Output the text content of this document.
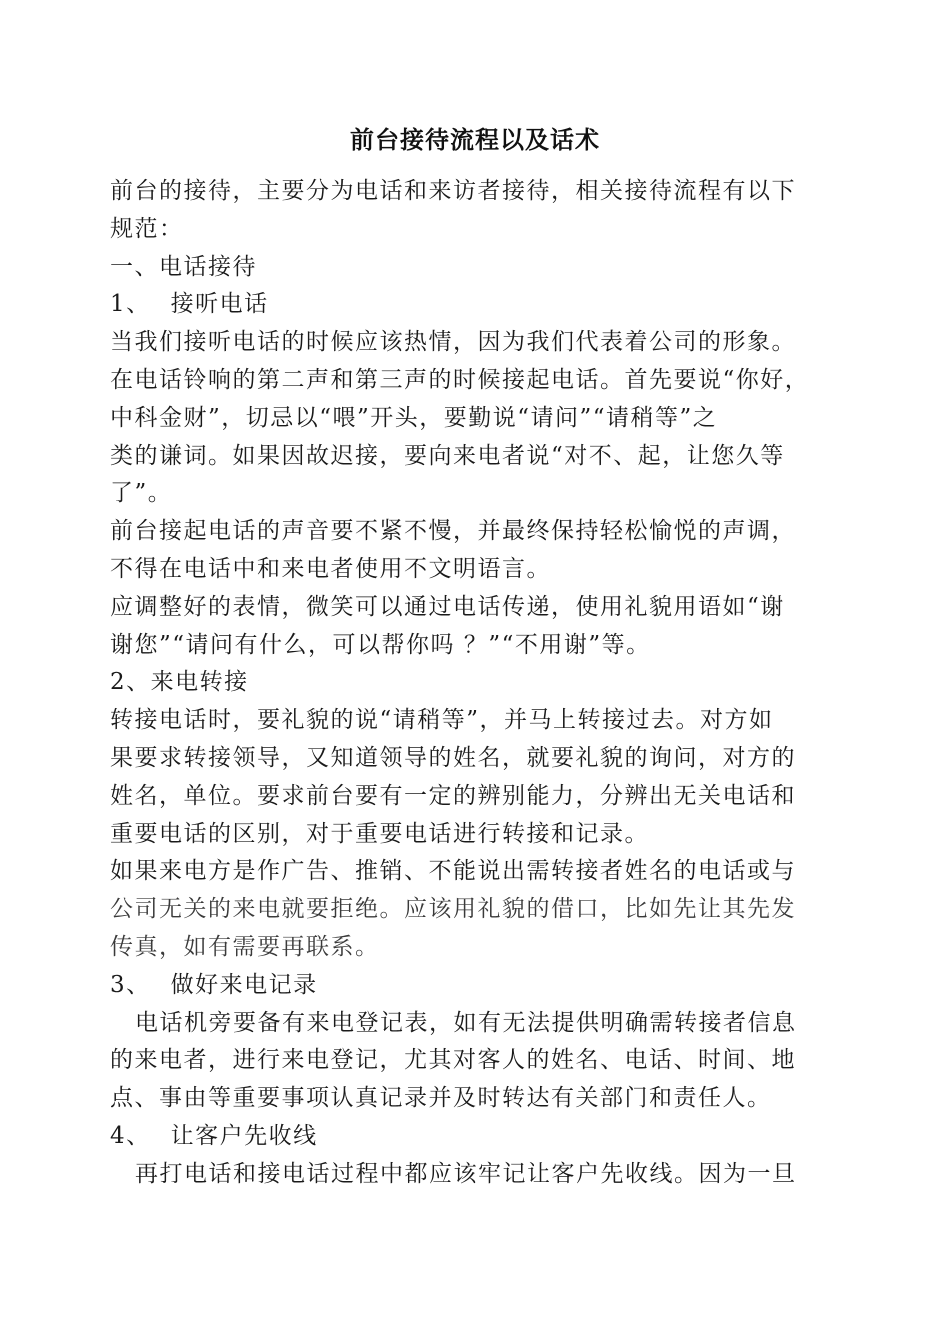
前台接待流程以及话术
前台的接待，主要分为电话和来访者接待，相关接待流程有以下
规范：
一、电话接待
1、 接听电话
当我们接听电话的时候应该热情，因为我们代表着公司的形象。
在电话铃响的第二声和第三声的时候接起电话。首先要说“你好，
中科金财”，切忌以“喂”开头，要勤说“请问”“请稍等”之
类的谦词。如果因故迟接，要向来电者说“对不、起，让您久等
了”。
前台接起电话的声音要不紧不慢，并最终保持轻松愉悦的声调，
不得在电话中和来电者使用不文明语言。
应调整好的表情，微笑可以通过电话传递，使用礼貌用语如“谢
谢您”“请问有什么，可以帮你吗 ？”“不用谢”等。
2、来电转接
转接电话时，要礼貌的说“请稍等”，并马上转接过去。对方如
果要求转接领导，又知道领导的姓名，就要礼貌的询问，对方的
姓名，单位。要求前台要有一定的辨别能力，分辨出无关电话和
重要电话的区别，对于重要电话进行转接和记录。
如果来电方是作广告、推销、不能说出需转接者姓名的电话或与
公司无关的来电就要拒绝。应该用礼貌的借口，比如先让其先发
传真，如有需要再联系。
3、 做好来电记录
电话机旁要备有来电登记表，如有无法提供明确需转接者信息
的来电者，进行来电登记，尤其对客人的姓名、电话、时间、地
点、事由等重要事项认真记录并及时转达有关部门和责任人。
4、 让客户先收线
再打电话和接电话过程中都应该牢记让客户先收线。因为一旦
